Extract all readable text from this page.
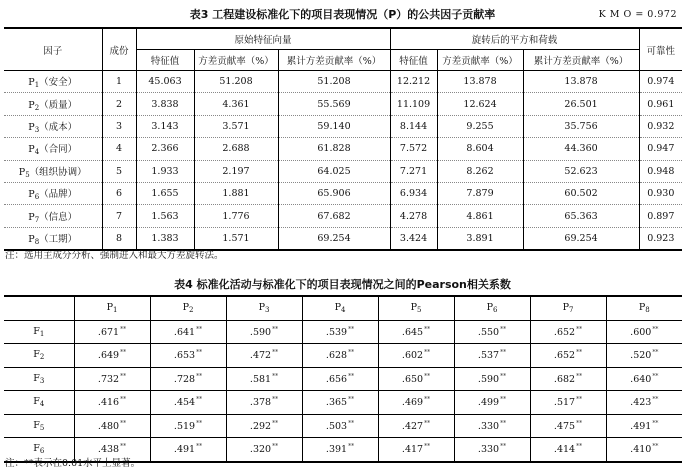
表3 工程建设标准化下的项目表现情况（P）的公共因子贡献率	K M O = 0.972
因子	成份	原始特征向量			旋转后的平方和荷载			可靠性
		特征值	方差贡献率（%）	累计方差贡献率（%）	特征值	方差贡献率（%）	累计方差贡献率（%）	
$P_1$（安全）	1	45.063	51.208	51.208	12.212	13.878	13.878	0.974
$P_2$（质量）	2	3.838	4.361	55.569	11.109	12.624	26.501	0.961
$P_3$（成本）	3	3.143	3.571	59.140	8.144	9.255	35.756	0.932
$P_4$（合同）	4	2.366	2.688	61.828	7.572	8.604	44.360	0.947
$P_5$（组织协调）	5	1.933	2.197	64.025	7.271	8.262	52.623	0.948
$P_6$（品牌）	6	1.655	1.881	65.906	6.934	7.879	60.502	0.930
$P_7$（信息）	7	1.563	1.776	67.682	4.278	4.861	65.363	0.897
$P_8$（工期）	8	1.383	1.571	69.254	3.424	3.891	69.254	0.923
注：选用主成分分析、强制进入和最大方差旋转法。
表4 标准化活动与标准化下的项目表现情况之间的Pearson相关系数
	$P_1$	$P_2$	$P_3$	$P_4$	$P_5$	$P_6$	$P_7$	$P_8$
$F_1$	.671**	.641**	.590**	.539**	.645**	.550**	.652**	.600**
$F_2$	.649**	.653**	.472**	.628**	.602**	.537**	.652**	.520**
$F_3$	.732**	.728**	.581**	.656**	.650**	.590**	.682**	.640**
$F_4$	.416**	.454**	.378**	.365**	.469**	.499**	.517**	.423**
$F_5$	.480**	.519**	.292**	.503**	.427**	.330**	.475**	.491**
$F_6$	.438**	.491**	.320**	.391**	.417**	.330**	.414**	.410**
注：**表示在0.01水平上显著。
